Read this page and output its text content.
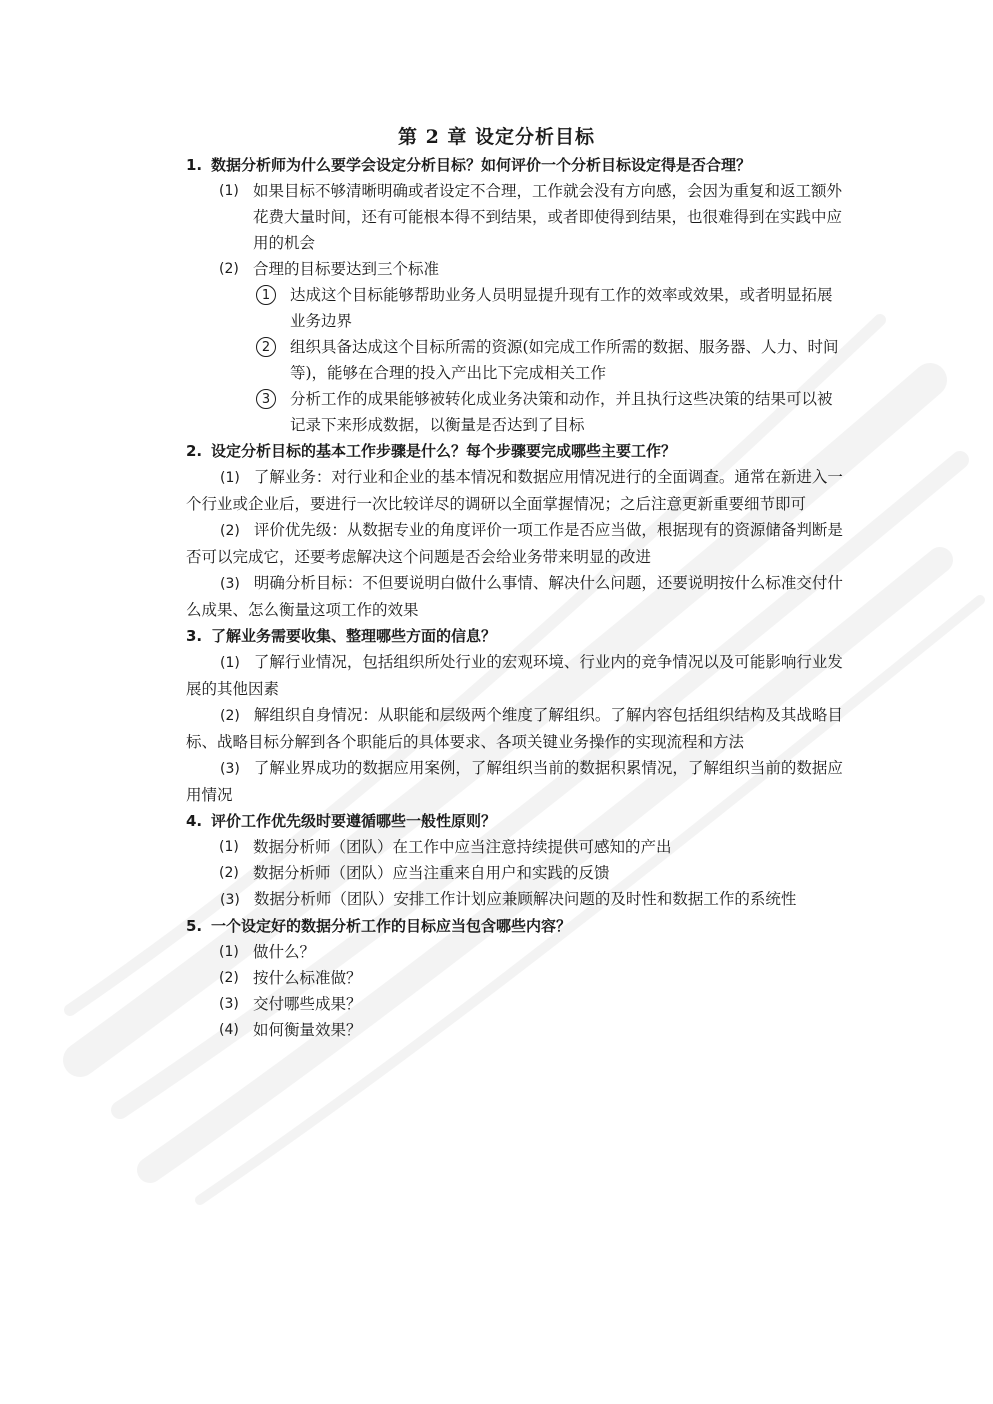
第 2 章 设定分析目标

1. 数据分析师为什么要学会设定分析目标？如何评价一个分析目标设定得是否合理？

(1) 如果目标不够清晰明确或者设定不合理，工作就会没有方向感，会因为重复和返工额外花费大量时间，还有可能根本得不到结果，或者即使得到结果，也很难得到在实践中应用的机会
(2) 合理的目标要达到三个标准
1	达成这个目标能够帮助业务人员明显提升现有工作的效率或效果，或者明显拓展业务边界
2	组织具备达成这个目标所需的资源(如完成工作所需的数据、服务器、人力、时间等)，能够在合理的投入产出比下完成相关工作
3	分析工作的成果能够被转化成业务决策和动作，并且执行这些决策的结果可以被记录下来形成数据，以衡量是否达到了目标

2. 设定分析目标的基本工作步骤是什么？每个步骤要完成哪些主要工作？

(1) 了解业务：对行业和企业的基本情况和数据应用情况进行的全面调查。通常在新进入一个行业或企业后，要进行一次比较详尽的调研以全面掌握情况；之后注意更新重要细节即可

(2) 评价优先级：从数据专业的角度评价一项工作是否应当做，根据现有的资源储备判断是否可以完成它，还要考虑解决这个问题是否会给业务带来明显的改进

(3) 明确分析目标：不但要说明白做什么事情、解决什么问题，还要说明按什么标准交付什么成果、怎么衡量这项工作的效果

3. 了解业务需要收集、整理哪些方面的信息？

(1) 了解行业情况，包括组织所处行业的宏观环境、行业内的竞争情况以及可能影响行业发展的其他因素

(2) 解组织自身情况：从职能和层级两个维度了解组织。了解内容包括组织结构及其战略目标、战略目标分解到各个职能后的具体要求、各项关键业务操作的实现流程和方法

(3) 了解业界成功的数据应用案例，了解组织当前的数据积累情况，了解组织当前的数据应用情况

4. 评价工作优先级时要遵循哪些一般性原则？

(1) 数据分析师（团队）在工作中应当注意持续提供可感知的产出
(2) 数据分析师（团队）应当注重来自用户和实践的反馈

(3) 数据分析师（团队）安排工作计划应兼顾解决问题的及时性和数据工作的系统性

5. 一个设定好的数据分析工作的目标应当包含哪些内容？

(1) 做什么？
(2) 按什么标准做？
(3) 交付哪些成果？
(4) 如何衡量效果？
